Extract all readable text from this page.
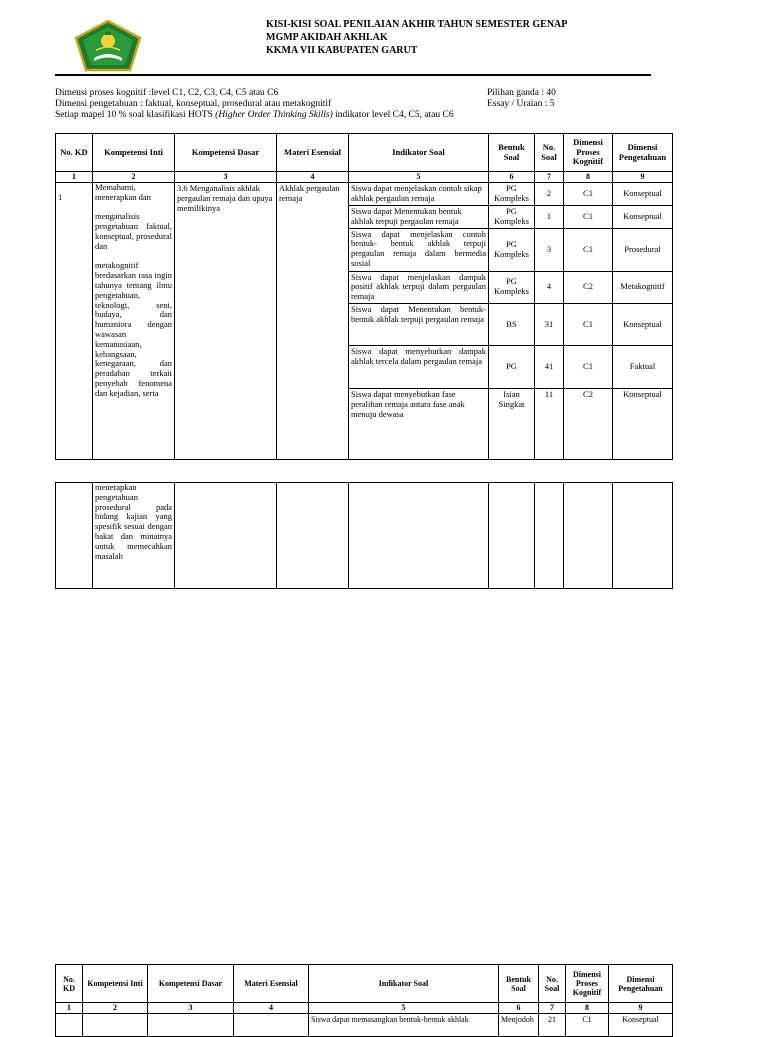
KISI-KISI SOAL PENILAIAN AKHIR TAHUN SEMESTER GENAP
MGMP AKIDAH AKHLAK
KKMA VII KABUPATEN GARUT
Dimensi proses kognitif :level C1, C2, C3, C4, C5 atau C6
Dimensi pengetahuan : faktual, konseptual, prosedural atau metakognitif
Setiap mapel 10 % soal klasifikasi HOTS (Higher Order Thinking Skills) indikator level C4, C5, atau C6
Pilihan ganda : 40
Essay / Uraian : 5
No. KD	Kompetensi Inti	Kompetensi Dasar	Materi Esensial	Indikator Soal	Bentuk Soal	No. Soal	Dimensi Proses Kognitif	Dimensi Pengetahuan
1	2	3	4	5	6	7	8	9
1	Memahami, menerapkan dan

menganalisis pengetahuan faktual, konseptual, prosedural dan

metakognitif berdasarkan rasa ingin tahunya tentang ilmu pengetahuan, teknologi, seni, budaya, dan humaniora dengan wawasan kemanusiaan, kebangsaan, kenegaraan, dan peradaban terkait penyebab fenomena dan kejadian, serta	3.6 Menganalisis akhlak pergaulan remaja dan upaya memilikinya	Akhlak pergaulan remaja	Siswa dapat menjelaskan contoh sikap akhlak pergaulan remaja	PG Kompleks	2	C1	Konseptual
				Siswa dapat Menentukan bentuk akhlak terpuji pergaulan remaja	PG Kompleks	1	C1	Konseptual
				Siswa dapat menjelaskan contoh bentuk- bentuk akhlak terpuji pergaulan remaja dalam bermedia sosial	PG Kompleks	3	C1	Prosedural
				Siswa dapat menjelaskan dampak positif akhlak terpuji dalam pergaulan remaja	PG Kompleks	4	C2	Metakognitif
				Siswa dapat Menentukan bentuk-bentuk akhlak terpuji pergaulan remaja	BS	31	C1	Konseptual
				Siswa dapat menyebutkan dampak akhlak tercela dalam pergaulan remaja	PG	41	C1	Faktual
				Siswa dapat menyebutkan fase peralihan remaja antara fase anak menuju dewasa	Isian Singkat	11	C2	Konseptual
	menerapkan pengetahuan prosedural pada bidang kajian yang spesifik sesuai dengan bakat dan minatnya untuk memecahkan masalah							
No. KD	Kompetensi Inti	Kompetensi Dasar	Materi Esensial	Indikator Soal	Bentuk Soal	No. Soal	Dimensi Proses Kognitif	Dimensi Pengetahuan
1	2	3	4	5	6	7	8	9
				Siswa dapat memasangkan bentuk-bentuk akhlak	Menjodoh	21	C1	Konseptual
